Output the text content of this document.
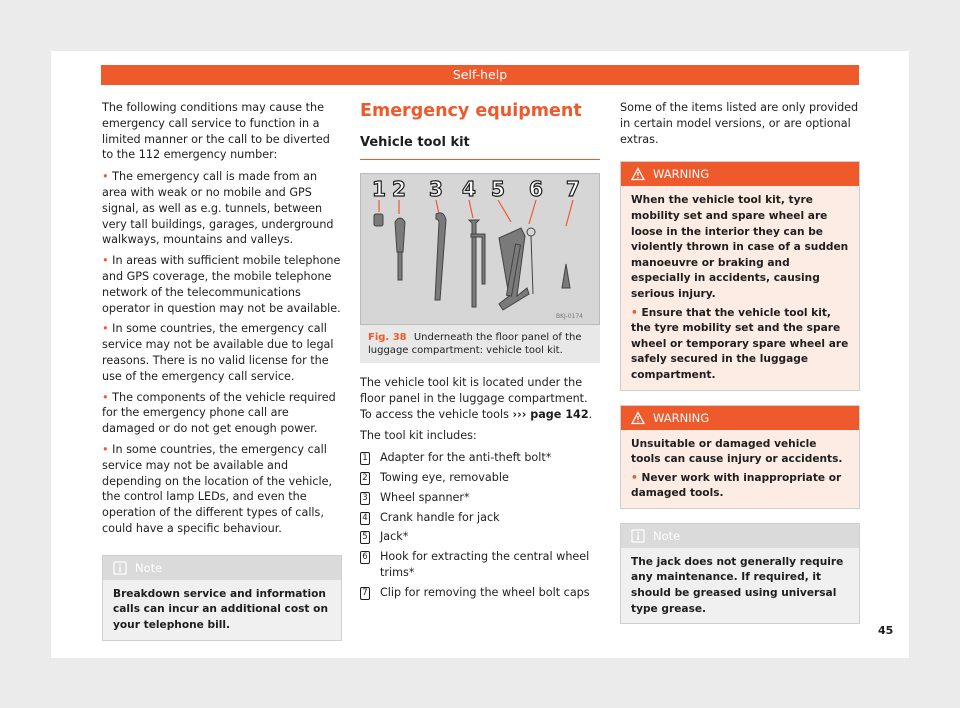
Self-help

The following conditions may cause the emergency call service to function in a limited manner or the call to be diverted to the 112 emergency number:

• The emergency call is made from an area with weak or no mobile and GPS signal, as well as e.g. tunnels, between very tall buildings, garages, underground walkways, mountains and valleys.

• In areas with sufficient mobile telephone and GPS coverage, the mobile telephone network of the telecommunications operator in question may not be available.

• In some countries, the emergency call service may not be available due to legal reasons. There is no valid license for the use of the emergency call service.

• The components of the vehicle required for the emergency phone call are damaged or do not get enough power.

• In some countries, the emergency call service may not be available and depending on the location of the vehicle, the control lamp LEDs, and even the operation of the different types of calls, could have a specific behaviour.

Note
Breakdown service and information calls can incur an additional cost on your telephone bill.
Emergency equipment
Vehicle tool kit
1 2 3 4 5 6 7
BKJ-0174
Fig. 38 Underneath the floor panel of the luggage compartment: vehicle tool kit.

The vehicle tool kit is located under the floor panel in the luggage compartment. To access the vehicle tools ››› page 142.

The tool kit includes:

1 Adapter for the anti-theft bolt*
2 Towing eye, removable
3 Wheel spanner*
4 Crank handle for jack
5 Jack*
6 Hook for extracting the central wheel trims*
7 Clip for removing the wheel bolt caps

Some of the items listed are only provided in certain model versions, or are optional extras.

WARNING
When the vehicle tool kit, tyre mobility set and spare wheel are loose in the interior they can be violently thrown in case of a sudden manoeuvre or braking and especially in accidents, causing serious injury.
• Ensure that the vehicle tool kit, the tyre mobility set and the spare wheel or temporary spare wheel are safely secured in the luggage compartment.
WARNING
Unsuitable or damaged vehicle tools can cause injury or accidents.
• Never work with inappropriate or damaged tools.
Note
The jack does not generally require any maintenance. If required, it should be greased using universal type grease.
45
